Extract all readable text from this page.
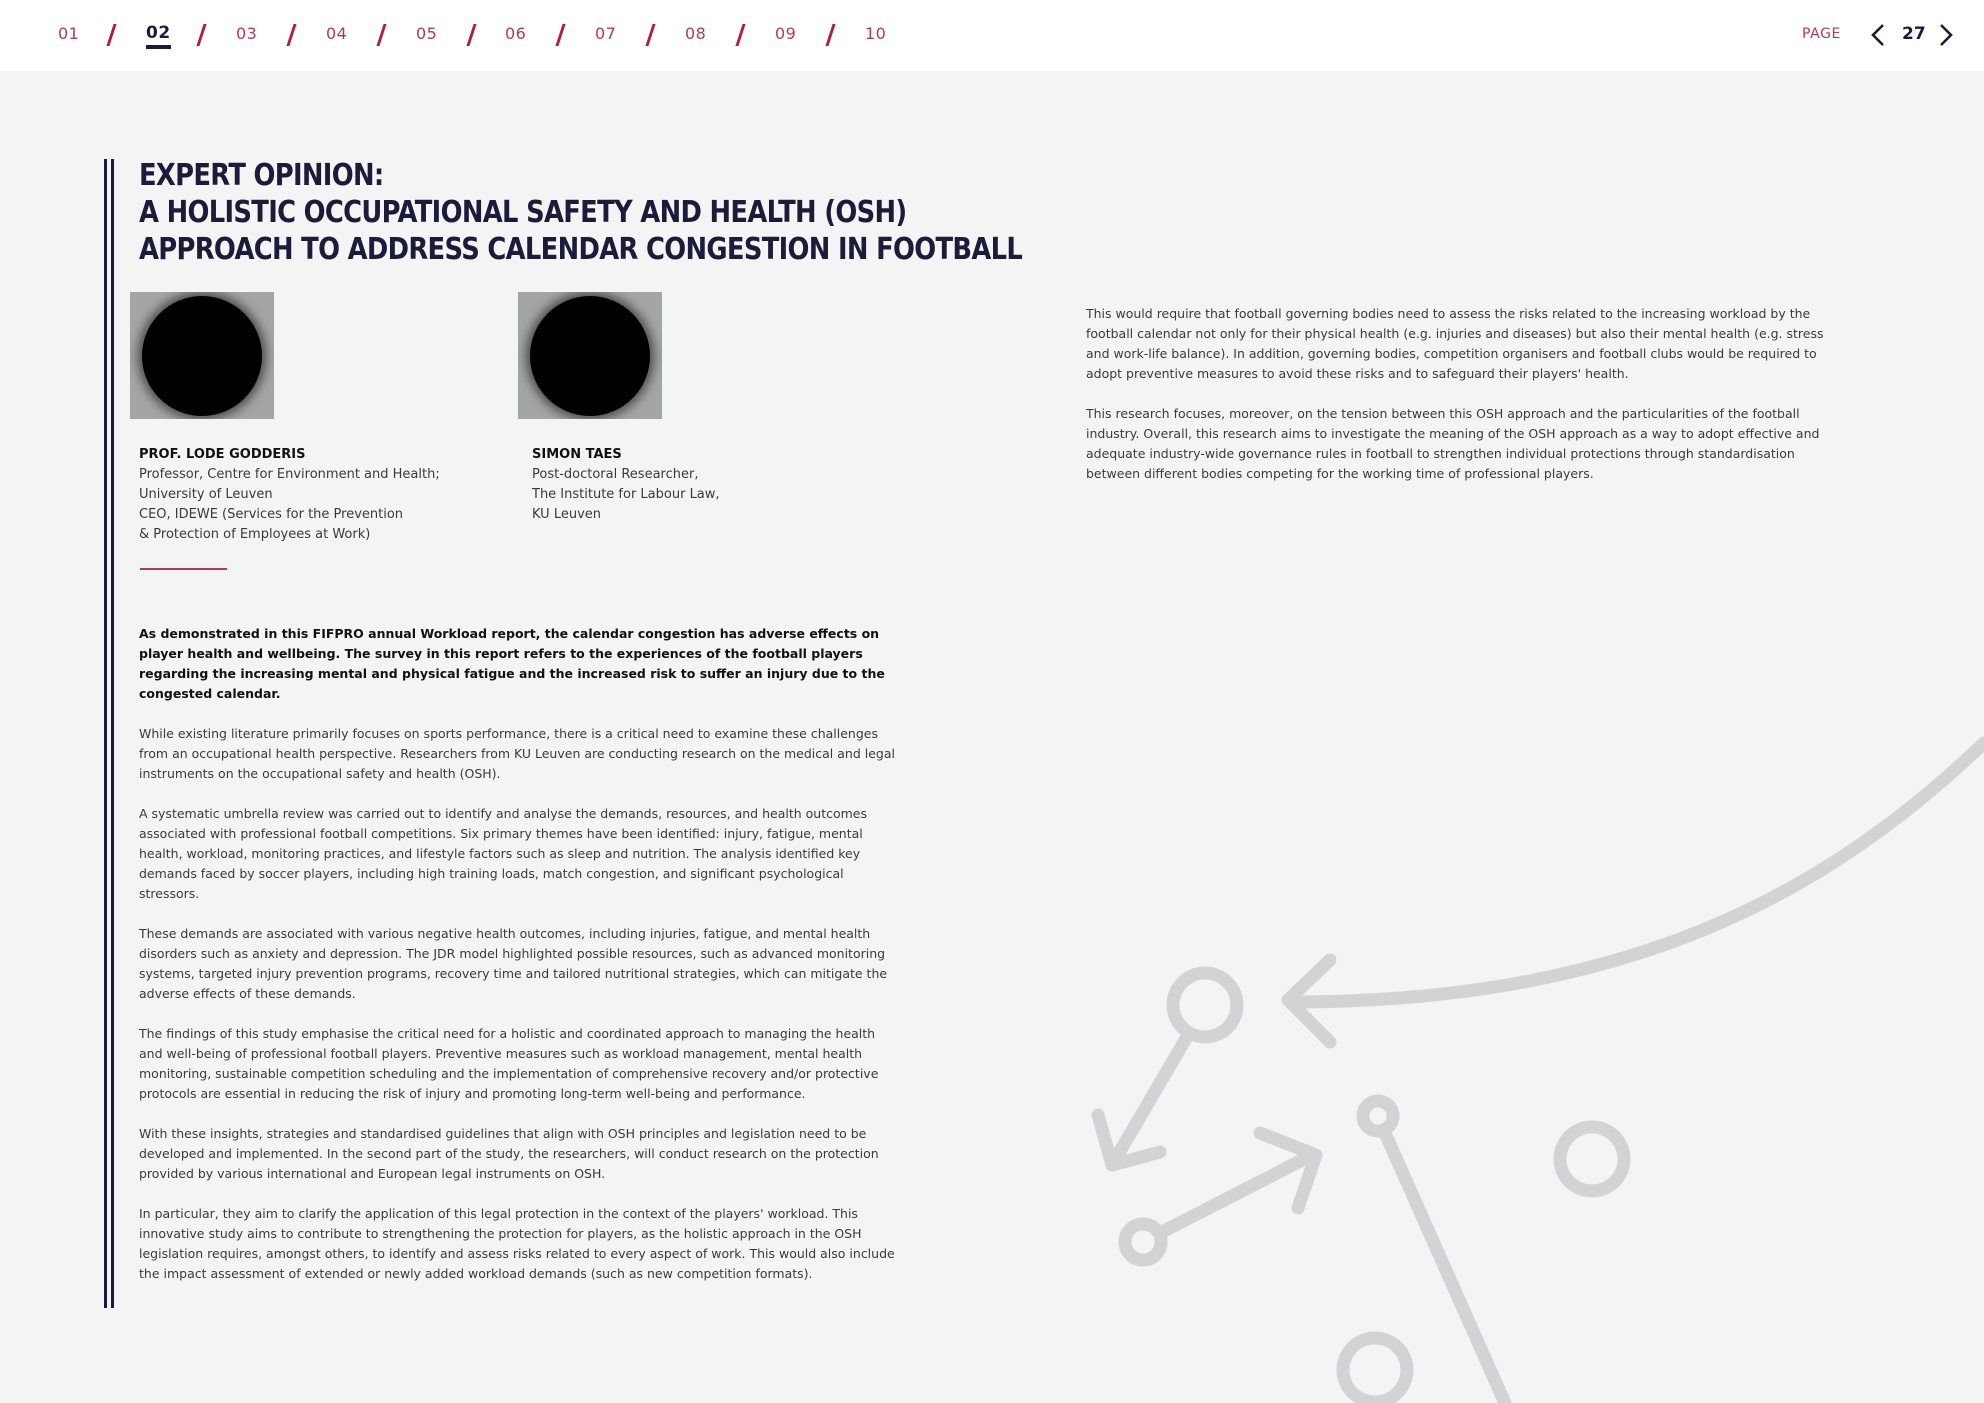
01	02	03	04	05	06	07	08	09	10	PAGE	27
EXPERT OPINION:
A HOLISTIC OCCUPATIONAL SAFETY AND HEALTH (OSH)
APPROACH TO ADDRESS CALENDAR CONGESTION IN FOOTBALL
PROF. LODE GODDERIS
Professor, Centre for Environment and Health;
University of Leuven
CEO, IDEWE (Services for the Prevention
& Protection of Employees at Work)
SIMON TAES
Post-doctoral Researcher,
The Institute for Labour Law,
KU Leuven

As demonstrated in this FIFPRO annual Workload report, the calendar congestion has adverse effects on player health and wellbeing. The survey in this report refers to the experiences of the football players regarding the increasing mental and physical fatigue and the increased risk to suffer an injury due to the congested calendar.

While existing literature primarily focuses on sports performance, there is a critical need to examine these challenges from an occupational health perspective. Researchers from KU Leuven are conducting research on the medical and legal instruments on the occupational safety and health (OSH).

A systematic umbrella review was carried out to identify and analyse the demands, resources, and health outcomes associated with professional football competitions. Six primary themes have been identified: injury, fatigue, mental health, workload, monitoring practices, and lifestyle factors such as sleep and nutrition. The analysis identified key demands faced by soccer players, including high training loads, match congestion, and significant psychological stressors.

These demands are associated with various negative health outcomes, including injuries, fatigue, and mental health disorders such as anxiety and depression. The JDR model highlighted possible resources, such as advanced monitoring systems, targeted injury prevention programs, recovery time and tailored nutritional strategies, which can mitigate the adverse effects of these demands.

The findings of this study emphasise the critical need for a holistic and coordinated approach to managing the health and well-being of professional football players. Preventive measures such as workload management, mental health monitoring, sustainable competition scheduling and the implementation of comprehensive recovery and/or protective protocols are essential in reducing the risk of injury and promoting long-term well-being and performance.

With these insights, strategies and standardised guidelines that align with OSH principles and legislation need to be developed and implemented. In the second part of the study, the researchers, will conduct research on the protection provided by various international and European legal instruments on OSH.

In particular, they aim to clarify the application of this legal protection in the context of the players' workload. This innovative study aims to contribute to strengthening the protection for players, as the holistic approach in the OSH legislation requires, amongst others, to identify and assess risks related to every aspect of work. This would also include the impact assessment of extended or newly added workload demands (such as new competition formats).

This would require that football governing bodies need to assess the risks related to the increasing workload by the football calendar not only for their physical health (e.g. injuries and diseases) but also their mental health (e.g. stress and work-life balance). In addition, governing bodies, competition organisers and football clubs would be required to adopt preventive measures to avoid these risks and to safeguard their players' health.

This research focuses, moreover, on the tension between this OSH approach and the particularities of the football industry. Overall, this research aims to investigate the meaning of the OSH approach as a way to adopt effective and adequate industry-wide governance rules in football to strengthen individual protections through standardisation between different bodies competing for the working time of professional players.
